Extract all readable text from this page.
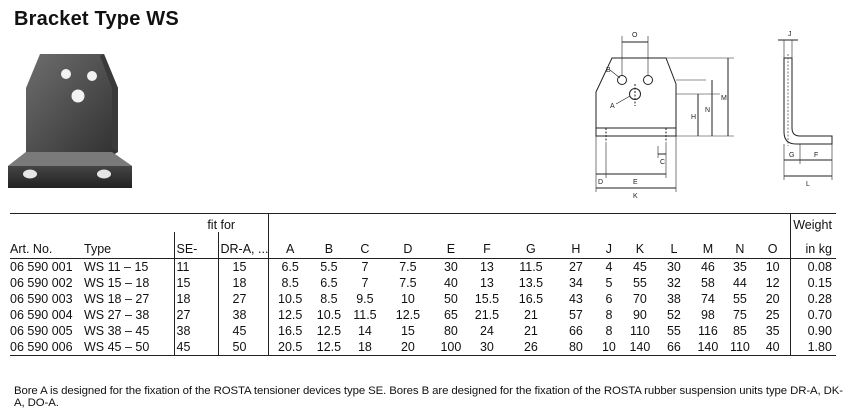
Bracket Type WS
O
B
A
H
N
M
C
D	E
K
J
G	F
L
		fit for																Weight
Art. No.	Type	SE-	DR-A, ...	A	B	C	D	E	F	G	H	J	K	L	M	N	O	in kg
06 590 001	WS 11 – 15	11	15	6.5	5.5	7	7.5	30	13	11.5	27	4	45	30	46	35	10	0.08
06 590 002	WS 15 – 18	15	18	8.5	6.5	7	7.5	40	13	13.5	34	5	55	32	58	44	12	0.15
06 590 003	WS 18 – 27	18	27	10.5	8.5	9.5	10	50	15.5	16.5	43	6	70	38	74	55	20	0.28
06 590 004	WS 27 – 38	27	38	12.5	10.5	11.5	12.5	65	21.5	21	57	8	90	52	98	75	25	0.70
06 590 005	WS 38 – 45	38	45	16.5	12.5	14	15	80	24	21	66	8	110	55	116	85	35	0.90
06 590 006	WS 45 – 50	45	50	20.5	12.5	18	20	100	30	26	80	10	140	66	140	110	40	1.80
Bore A is designed for the fixation of the ROSTA tensioner devices type SE. Bores B are designed for the fixation of the ROSTA rubber suspension units type DR-A, DK-A, DO-A.
